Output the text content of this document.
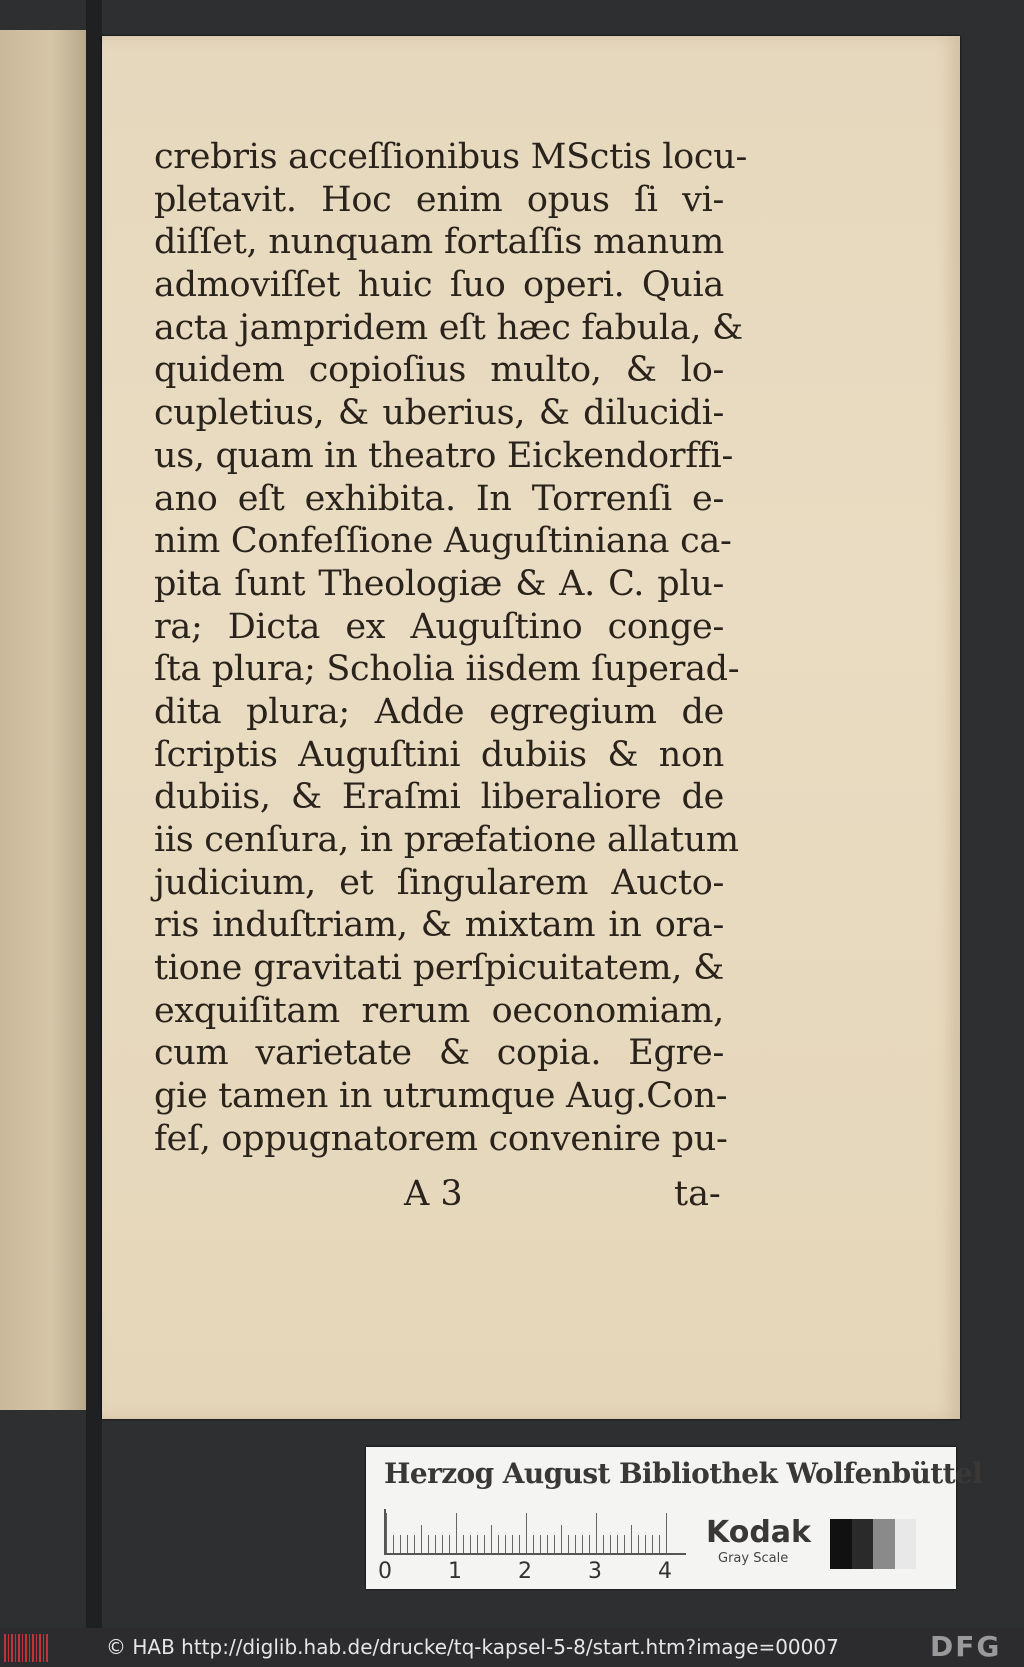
crebris acceſſionibus MSctis locu-
pletavit. Hoc enim opus ſi vi-
diſſet, nunquam fortaſſis manum
admoviſſet huic ſuo operi. Quia
acta jampridem eſt hæc fabula, &
quidem copioſius multo, & lo-
cupletius, & uberius, & dilucidi-
us, quam in theatro Eickendorffi-
ano eſt exhibita. In Torrenſi e-
nim Confeſſione Auguſtiniana ca-
pita ſunt Theologiæ & A. C. plu-
ra; Dicta ex Auguſtino conge-
ſta plura; Scholia iisdem ſuperad-
dita plura; Adde egregium de
ſcriptis Auguſtini dubiis & non
dubiis, & Eraſmi liberaliore de
iis cenſura, in præfatione allatum
judicium, et ſingularem Aucto-
ris induſtriam, & mixtam in ora-
tione gravitati perſpicuitatem, &
exquiſitam rerum oeconomiam,
cum varietate & copia. Egre-
gie tamen in utrumque Aug.Con-
feſ, oppugnatorem convenire pu-
A 3	ta-
Herzog August Bibliothek Wolfenbüttel
0	1	2	3	4
Kodak
Gray Scale
© HAB http://diglib.hab.de/drucke/tq-kapsel-5-8/start.htm?image=00007	DFG
